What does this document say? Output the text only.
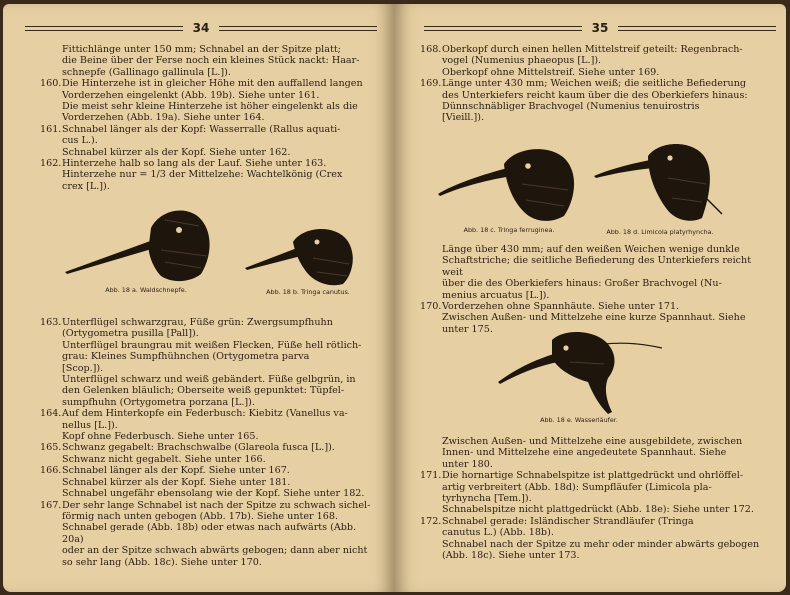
34

Fittichlänge unter 150 mm; Schnabel an der Spitze platt;

die Beine über der Ferse noch ein kleines Stück nackt: Haar-

schnepfe (Gallinago gallinula [L.]).

160. Die Hinterzehe ist in gleicher Höhe mit den auffallend langen

Vorderzehen eingelenkt (Abb. 19b). Siehe unter 161.

Die meist sehr kleine Hinterzehe ist höher eingelenkt als die

Vorderzehen (Abb. 19a). Siehe unter 164.

161. Schnabel länger als der Kopf: Wasserralle (Rallus aquati-

cus L.).

Schnabel kürzer als der Kopf. Siehe unter 162.

162. Hinterzehe halb so lang als der Lauf. Siehe unter 163.

Hinterzehe nur = 1/3 der Mittelzehe: Wachtelkönig (Crex

crex [L.]).

Abb. 18 a. Waldschnepfe.	Abb. 18 b. Tringa canutus.
163. Unterflügel schwarzgrau, Füße grün: Zwergsumpfhuhn

(Ortygometra pusilla [Pall]).

Unterflügel braungrau mit weißen Flecken, Füße hell rötlich-

grau: Kleines Sumpfhühnchen (Ortygometra parva

[Scop.]).

Unterflügel schwarz und weiß gebändert. Füße gelbgrün, in

den Gelenken bläulich; Oberseite weiß gepunktet: Tüpfel-

sumpfhuhn (Ortygometra porzana [L.]).

164. Auf dem Hinterkopfe ein Federbusch: Kiebitz (Vanellus va-

nellus [L.]).

Kopf ohne Federbusch. Siehe unter 165.

165. Schwanz gegabelt: Brachschwalbe (Glareola fusca [L.]).

Schwanz nicht gegabelt. Siehe unter 166.

166. Schnabel länger als der Kopf. Siehe unter 167.

Schnabel kürzer als der Kopf. Siehe unter 181.

Schnabel ungefähr ebensolang wie der Kopf. Siehe unter 182.

167. Der sehr lange Schnabel ist nach der Spitze zu schwach sichel-

förmig nach unten gebogen (Abb. 17b). Siehe unter 168.

Schnabel gerade (Abb. 18b) oder etwas nach aufwärts (Abb. 20a)

oder an der Spitze schwach abwärts gebogen; dann aber nicht

so sehr lang (Abb. 18c). Siehe unter 170.

35
168. Oberkopf durch einen hellen Mittelstreif geteilt: Regenbrach-

vogel (Numenius phaeopus [L.]).

Oberkopf ohne Mittelstreif. Siehe unter 169.

169. Länge unter 430 mm; Weichen weiß; die seitliche Befiederung

des Unterkiefers reicht kaum über die des Oberkiefers hinaus:

Dünnschnäbliger Brachvogel (Numenius tenuirostris

[Vieill.]).

Abb. 18 c. Tringa ferruginea.	Abb. 18 d. Limicola platyrhyncha.

Länge über 430 mm; auf den weißen Weichen wenige dunkle

Schaftstriche; die seitliche Befiederung des Unterkiefers reicht weit

über die des Oberkiefers hinaus: Großer Brachvogel (Nu-

menius arcuatus [L.]).

170. Vorderzehen ohne Spannhäute. Siehe unter 171.

Zwischen Außen- und Mittelzehe eine kurze Spannhaut. Siehe

unter 175.

Abb. 18 e. Wasserläufer.

Zwischen Außen- und Mittelzehe eine ausgebildete, zwischen

Innen- und Mittelzehe eine angedeutete Spannhaut. Siehe

unter 180.

171. Die hornartige Schnabelspitze ist plattgedrückt und ohrlöffel-

artig verbreitert (Abb. 18d): Sumpfläufer (Limicola pla-

tyrhyncha [Tem.]).

Schnabelspitze nicht plattgedrückt (Abb. 18e): Siehe unter 172.

172. Schnabel gerade: Isländischer Strandläufer (Tringa

canutus L.) (Abb. 18b).

Schnabel nach der Spitze zu mehr oder minder abwärts gebogen

(Abb. 18c). Siehe unter 173.
